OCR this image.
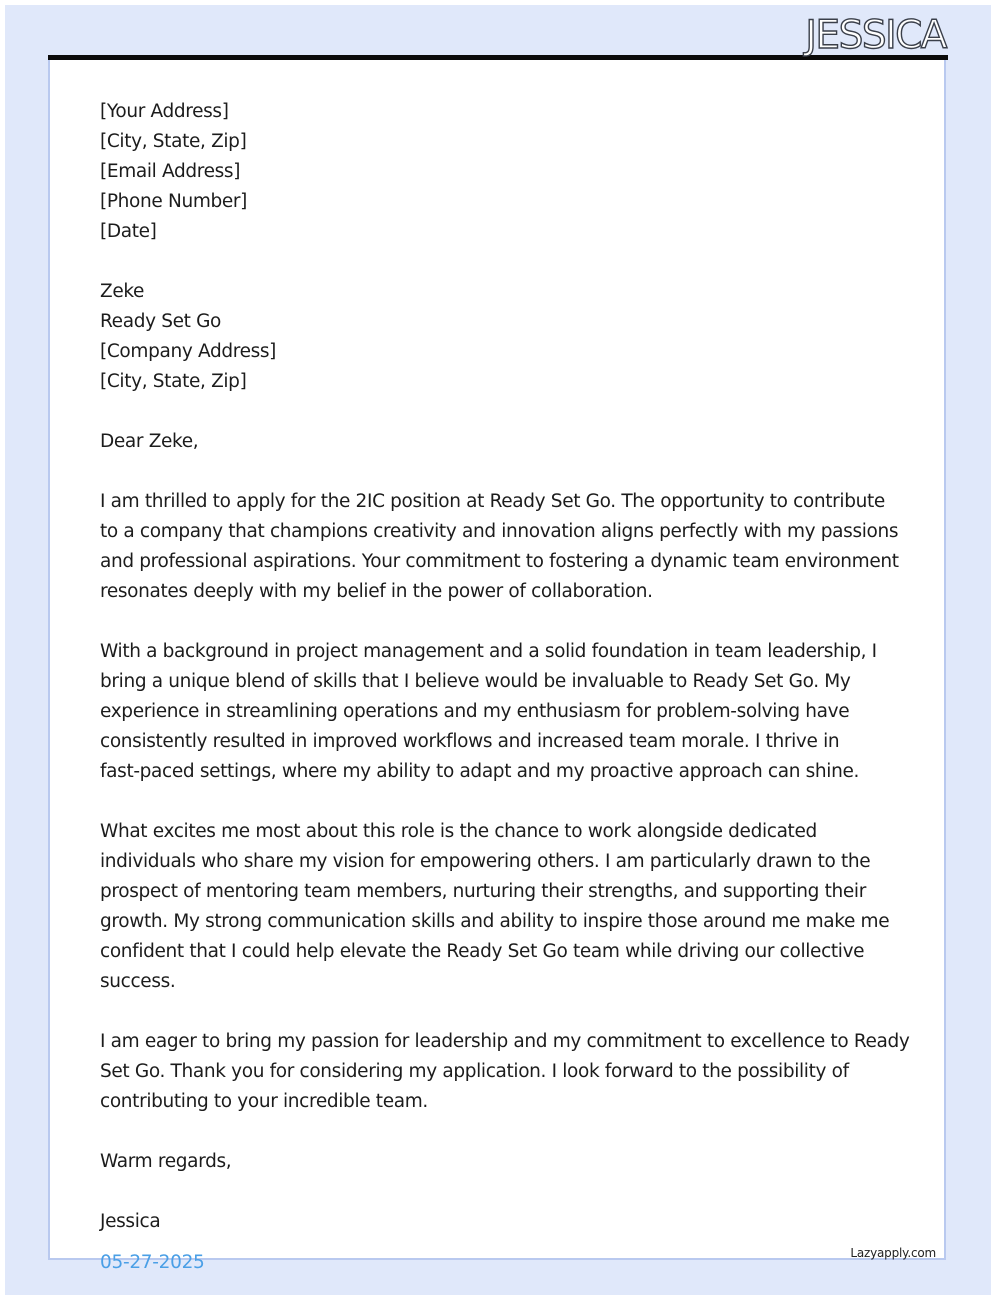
JESSICA
[Your Address]
[City, State, Zip]
[Email Address]
[Phone Number]
[Date]
Zeke
Ready Set Go
[Company Address]
[City, State, Zip]
Dear Zeke,
I am thrilled to apply for the 2IC position at Ready Set Go. The opportunity to contribute
to a company that champions creativity and innovation aligns perfectly with my passions
and professional aspirations. Your commitment to fostering a dynamic team environment
resonates deeply with my belief in the power of collaboration.
With a background in project management and a solid foundation in team leadership, I
bring a unique blend of skills that I believe would be invaluable to Ready Set Go. My
experience in streamlining operations and my enthusiasm for problem-solving have
consistently resulted in improved workflows and increased team morale. I thrive in
fast-paced settings, where my ability to adapt and my proactive approach can shine.
What excites me most about this role is the chance to work alongside dedicated
individuals who share my vision for empowering others. I am particularly drawn to the
prospect of mentoring team members, nurturing their strengths, and supporting their
growth. My strong communication skills and ability to inspire those around me make me
confident that I could help elevate the Ready Set Go team while driving our collective
success.
I am eager to bring my passion for leadership and my commitment to excellence to Ready
Set Go. Thank you for considering my application. I look forward to the possibility of
contributing to your incredible team.
Warm regards,
Jessica
05-27-2025	Lazyapply.com
